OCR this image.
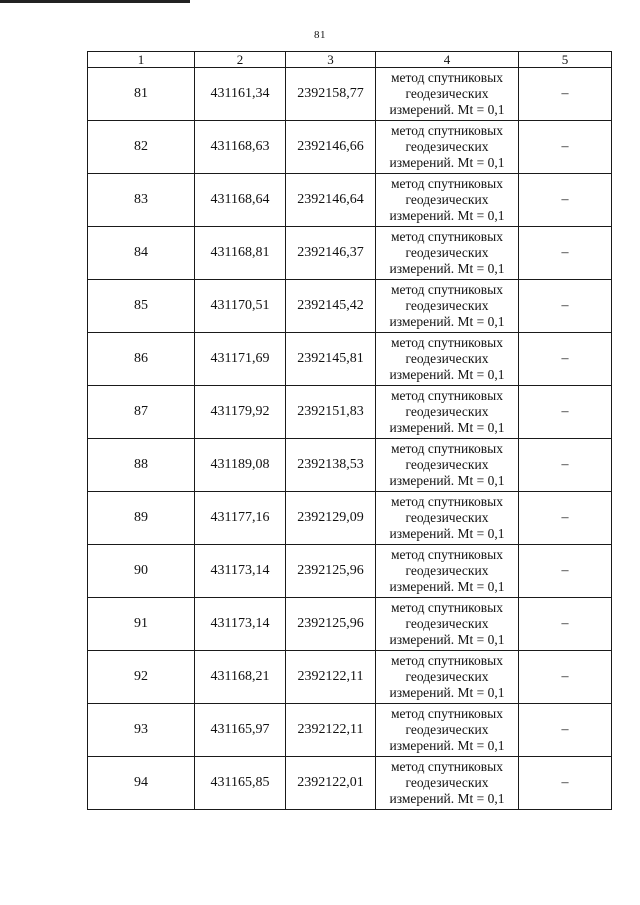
81
1	2	3	4	5
81	431161,34	2392158,77	метод спутниковых
геодезических
измерений. Mt = 0,1	–
82	431168,63	2392146,66	метод спутниковых
геодезических
измерений. Mt = 0,1	–
83	431168,64	2392146,64	метод спутниковых
геодезических
измерений. Mt = 0,1	–
84	431168,81	2392146,37	метод спутниковых
геодезических
измерений. Mt = 0,1	–
85	431170,51	2392145,42	метод спутниковых
геодезических
измерений. Mt = 0,1	–
86	431171,69	2392145,81	метод спутниковых
геодезических
измерений. Mt = 0,1	–
87	431179,92	2392151,83	метод спутниковых
геодезических
измерений. Mt = 0,1	–
88	431189,08	2392138,53	метод спутниковых
геодезических
измерений. Mt = 0,1	–
89	431177,16	2392129,09	метод спутниковых
геодезических
измерений. Mt = 0,1	–
90	431173,14	2392125,96	метод спутниковых
геодезических
измерений. Mt = 0,1	–
91	431173,14	2392125,96	метод спутниковых
геодезических
измерений. Mt = 0,1	–
92	431168,21	2392122,11	метод спутниковых
геодезических
измерений. Mt = 0,1	–
93	431165,97	2392122,11	метод спутниковых
геодезических
измерений. Mt = 0,1	–
94	431165,85	2392122,01	метод спутниковых
геодезических
измерений. Mt = 0,1	–
